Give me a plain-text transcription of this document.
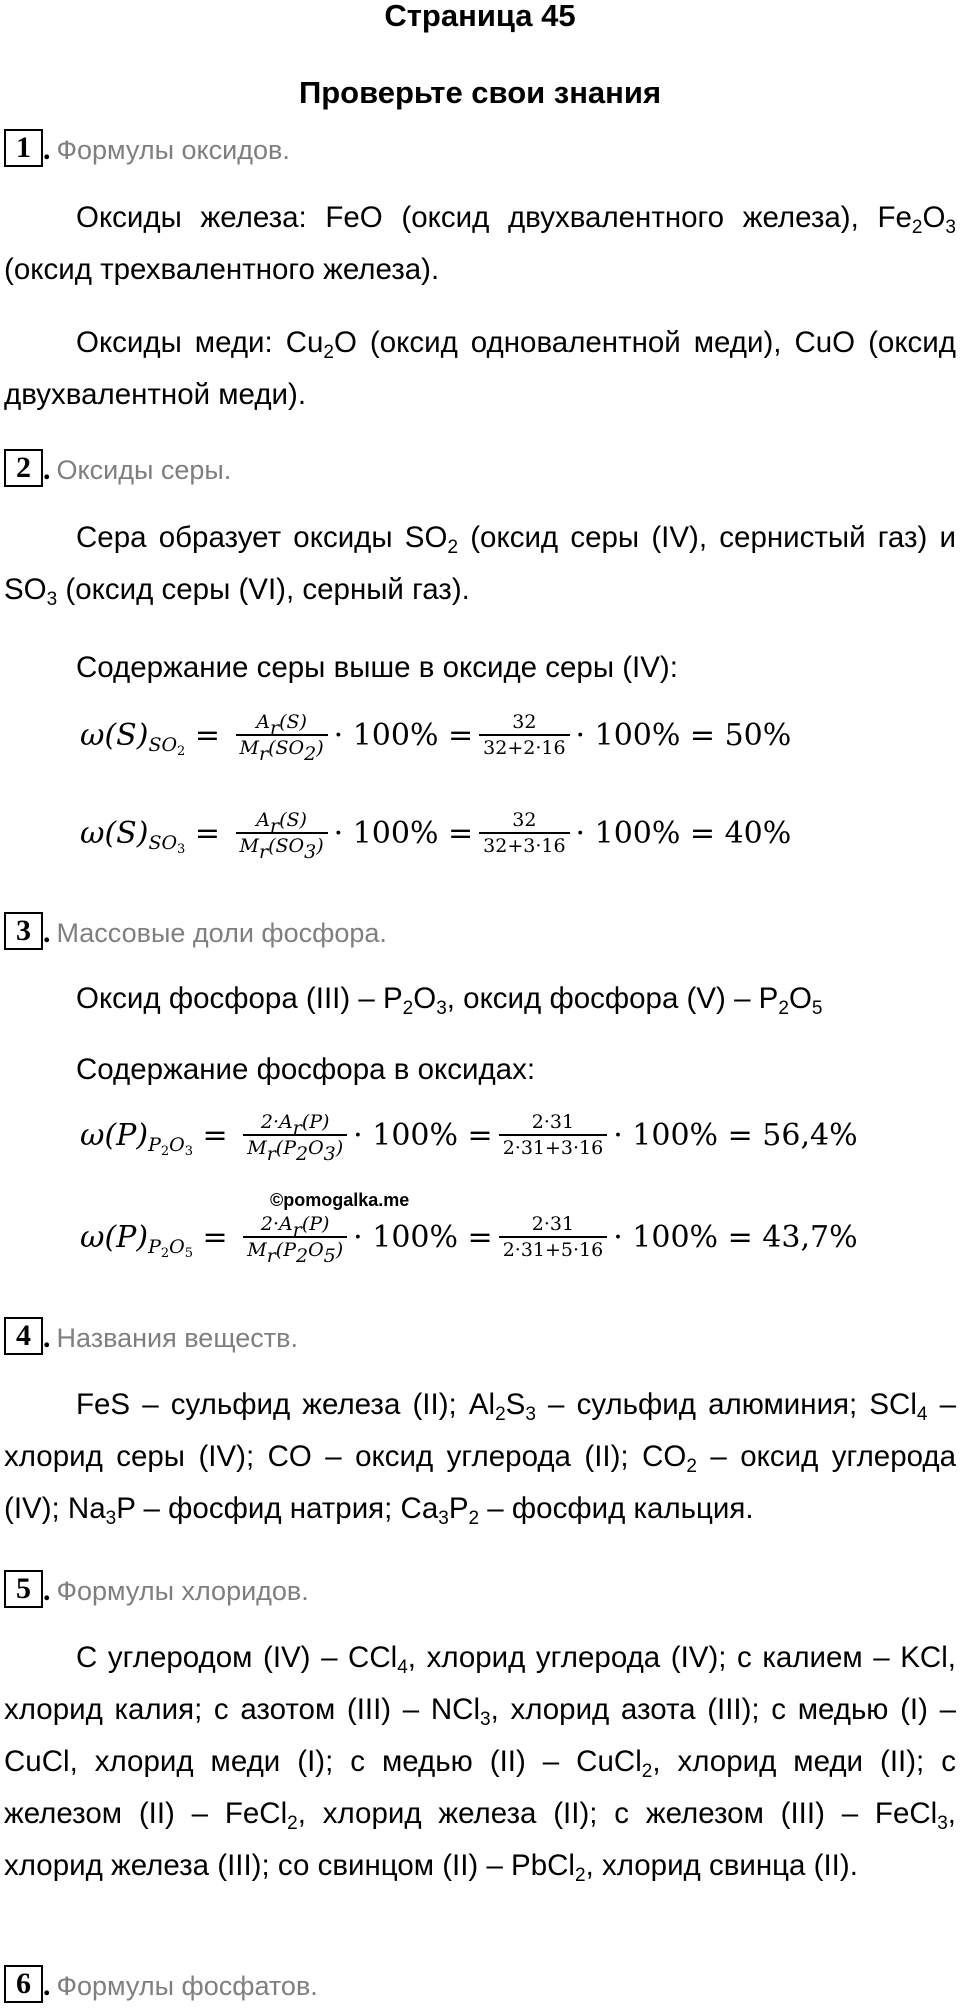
Страница 45
Проверьте свои знания
1 . Формулы оксидов.
Оксиды железа: FeO (оксид двухвалентного железа), $Fe_2O_3$ (оксид трехвалентного железа).
Оксиды меди: $Cu_2O$ (оксид одновалентной меди), CuO (оксид двухвалентной меди).
2 . Оксиды серы.
Сера образует оксиды $SO_2$ (оксид серы (IV), сернистый газ) и $SO_3$ (оксид серы (VI), серный газ).
Содержание серы выше в оксиде серы (IV):
ω(S) $SO_2 = \frac{A_r(S)}{M_r(SO_2)} \cdot 100\% = \frac{32}{32+2\cdot 16} \cdot 100\% = 50\%$
ω(S) $SO_3 = \frac{A_r(S)}{M_r(SO_3)} \cdot 100\% = \frac{32}{32+3\cdot 16} \cdot 100\% = 40\%$
3 . Массовые доли фосфора.
Оксид фосфора $(III) - P_2O_3$, оксид фосфора $(V) - P_2O_5$
Содержание фосфора в оксидах:
ω(P) $P_2O_3 = \frac{2\cdot A_r(P)}{M_r(P_2O_3)} \cdot 100\% = \frac{2\cdot 31}{2\cdot 31+3\cdot 16} \cdot 100\% = 56,4\%$
©pomogalka.me
ω(P) $P_2O_5 = \frac{2\cdot A_r(P)}{M_r(P_2O_5)} \cdot 100\% = \frac{2\cdot 31}{2\cdot 31+5\cdot 16} \cdot 100\% = 43,7\%$
4 . Названия веществ.
FeS – сульфид железа (II); $Al_2S_3$ – сульфид алюминия; SCl$_4$ – хлорид серы (IV); CO – оксид углерода (II); $CO_2$ – оксид углерода (IV); $Na_3P$ – фосфид натрия; $Ca_3P_2$ – фосфид кальция.
5 . Формулы хлоридов.
С углеродом (IV) – CCl$_4$, хлорид углерода (IV); с калием – KCl, хлорид калия; с азотом (III) – NCl$_3$, хлорид азота (III); с медью (I) – CuCl, хлорид меди (I); с медью (II) – CuCl$_2$, хлорид меди (II); с железом (II) – FeCl$_2$, хлорид железа (II); с железом (III) – FeCl$_3$, хлорид железа (III); со свинцом (II) – PbCl$_2$, хлорид свинца (II).
6 . Формулы фосфатов.
